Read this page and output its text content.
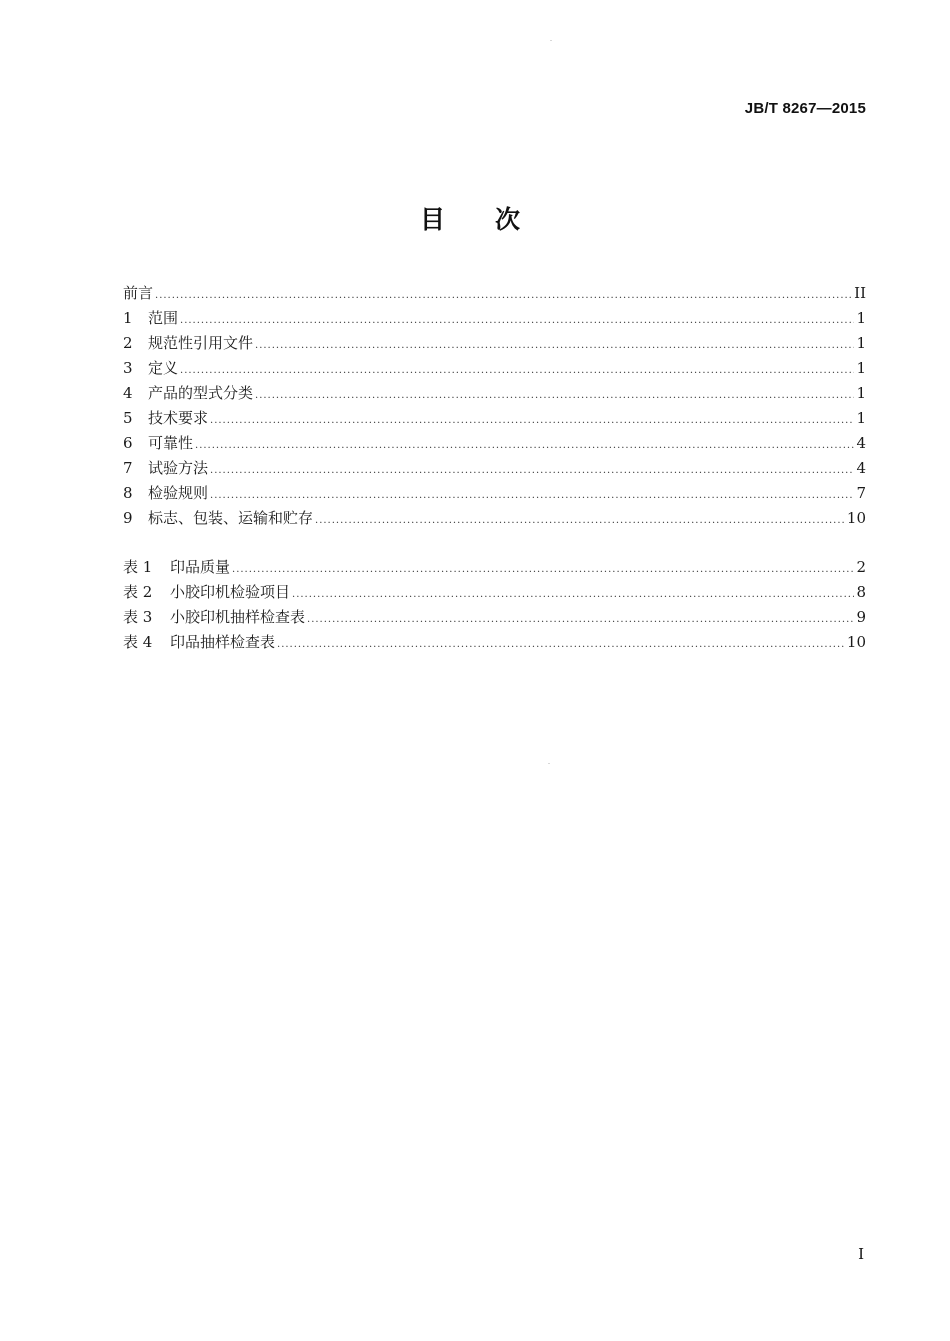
JB/T 8267—2015
目次
前言 .....	II
1	范围 .....	1
2	规范性引用文件 .....	1
3	定义 .....	1
4	产品的型式分类 .....	1
5	技术要求 .....	1
6	可靠性 .....	4
7	试验方法 .....	4
8	检验规则 .....	7
9	标志、包装、运输和贮存 .....	10
表 1	印品质量 .....	2
表 2	小胶印机检验项目 .....	8
表 3	小胶印机抽样检查表 .....	9
表 4	印品抽样检查表 .....	10
I
